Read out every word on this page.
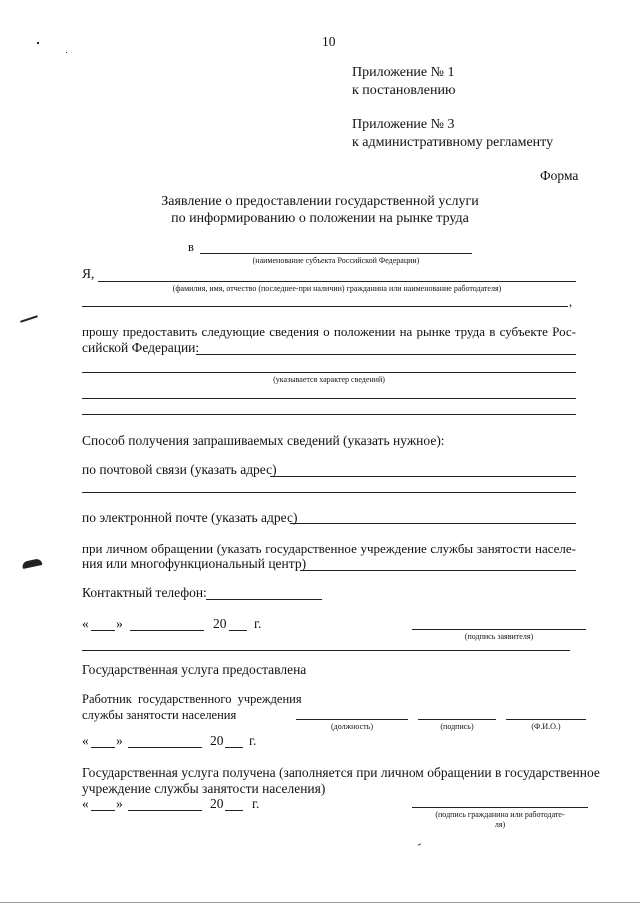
10
Приложение № 1
к постановлению
Приложение № 3
к административному регламенту
Форма
Заявление о предоставлении государственной услуги
по информированию о положении на рынке труда
в
(наименование субъекта Российской Федерации)
Я,
(фамилия, имя, отчество (последнее-при наличии) гражданина или наименование работодателя)
,
прошу предоставить следующие сведения о положении на рынке труда в субъекте Рос-
сийской Федерации:
(указывается характер сведений)
Способ получения запрашиваемых сведений (указать нужное):
по почтовой связи (указать адрес)
по электронной почте (указать адрес)
при личном обращении (указать государственное учреждение службы занятости населе-
ния или многофункциональный центр)
Контактный телефон:
« »	20 г.
(подпись заявителя)
Государственная услуга предоставлена
Работник государственного учреждения
службы занятости населения
(должность)	(подпись)	(Ф.И.О.)
« »	20 г.
Государственная услуга получена (заполняется при личном обращении в государственное
учреждение службы занятости населения)
« »	20 г.
(подпись гражданина или работодате-
ля)
